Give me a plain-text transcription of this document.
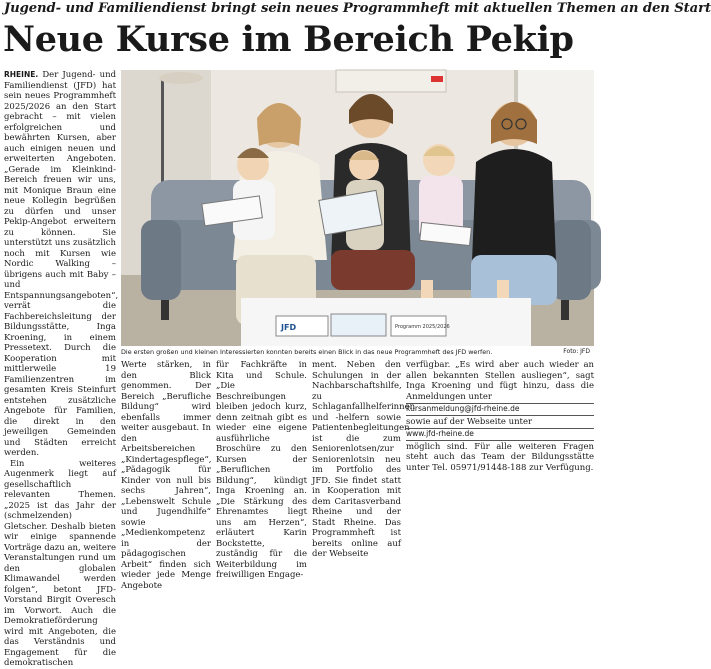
Jugend- und Familiendienst bringt sein neues Programmheft mit aktuellen Themen an den Start
Neue Kurse im Bereich Pekip

RHEINE. Der Jugend- und Familiendienst (JFD) hat sein neues Programmheft 2025/2026 an den Start gebracht – mit vielen erfolgreichen und bewährten Kursen, aber auch einigen neuen und erweiterten Angeboten. „Gerade im Kleinkind-Bereich freuen wir uns, mit Monique Braun eine neue Kollegin begrüßen zu dürfen und unser Pekip-Angebot erweitern zu können. Sie unterstützt uns zusätzlich noch mit Kursen wie Nordic Walking – übrigens auch mit Baby – und Entspannungsangeboten“, verrät die Fachbereichsleitung der Bildungsstätte, Inga Kroening, in einem Pressetext. Durch die Kooperation mit mittlerweile 19 Familienzentren im gesamten Kreis Steinfurt entstehen zusätzliche Angebote für Familien, die direkt in den jeweiligen Gemeinden und Städten erreicht werden.

Ein weiteres Augenmerk liegt auf gesellschaftlich relevanten Themen. „2025 ist das Jahr der (schmelzenden) Gletscher. Deshalb bieten wir einige spannende Vorträge dazu an, weitere Veranstaltungen rund um den globalen Klimawandel werden folgen“, betont JFD-Vorstand Birgit Overesch im Vorwort. Auch die Demokratieförderung wird mit Angeboten, die das Verständnis und Engagement für die demokratischen

JFD	Programm 2025/2026
Die ersten großen und kleinen Interessierten konnten bereits einen Blick in das neue Programmheft des JFD werfen.	Foto: JFD

Werte stärken, in den Blick genommen. Der Bereich „Berufliche Bildung“ wird ebenfalls immer weiter ausgebaut. In den Arbeitsbereichen „Kindertagespflege“, „Pädagogik für Kinder von null bis sechs Jahren“, „Lebenswelt Schule und Jugendhilfe“ sowie „Medienkompetenz in der pädagogischen Arbeit“ finden sich wieder jede Menge Angebote

für Fachkräfte in Kita und Schule. „Die Beschreibungen bleiben jedoch kurz, denn zeitnah gibt es wieder eine eigene ausführliche Broschüre zu den Kursen der „Beruflichen Bildung“, kündigt Inga Kroening an. „Die Stärkung des Ehrenamtes liegt uns am Herzen“, erläutert Karin Bockstette, zuständig für die Weiterbildung im freiwilligen Engage-

ment. Neben den Schulungen in der Nachbarschaftshilfe, zu Schlaganfallhelferinnen und -helfern sowie Patientenbegleitungen ist die zum Seniorenlotsen/zur Seniorenlotsin neu im Portfolio des JFD. Sie findet statt in Kooperation mit dem Caritasverband Rheine und der Stadt Rheine. Das Programmheft ist bereits online auf der Webseite

verfügbar. „Es wird aber auch wieder an allen bekannten Stellen ausliegen“, sagt Inga Kroening und fügt hinzu, dass die Anmeldungen unter

kursanmeldung@jfd-rheine.de

sowie auf der Webseite unter

www.jfd-rheine.de

möglich sind. Für alle weiteren Fragen steht auch das Team der Bildungsstätte unter Tel. 05971/91448-188 zur Verfügung.
